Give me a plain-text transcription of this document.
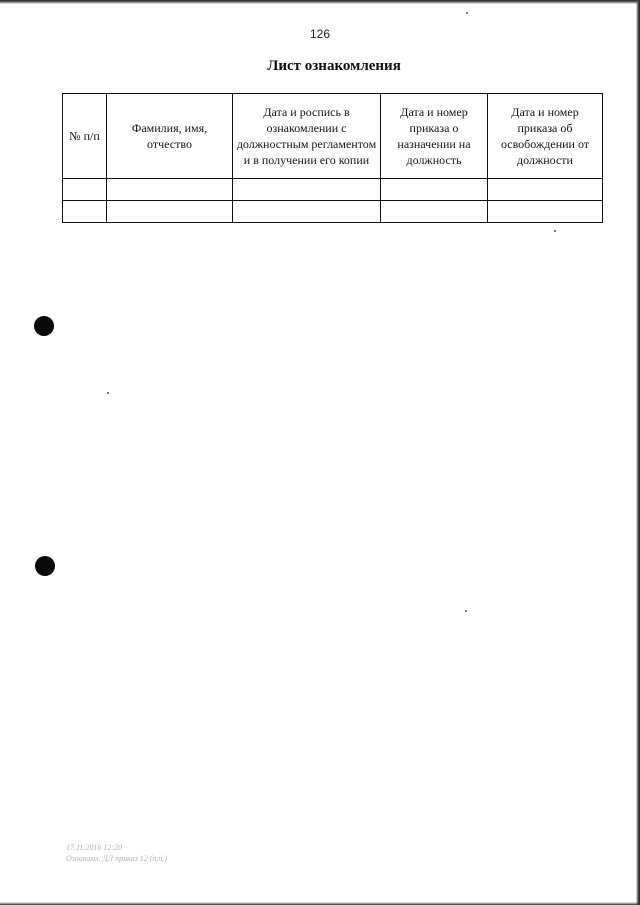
126
Лист ознакомления
№ п/п	Фамилия, имя, отчество	Дата и роспись в ознакомлении с должностным регламентом и в получении его копии	Дата и номер приказа о назначении на должность	Дата и номер приказа об освобождении от должности

17.11.2016 12:20
Ознакомл. ДЛ приказ 12 (п.п.)
